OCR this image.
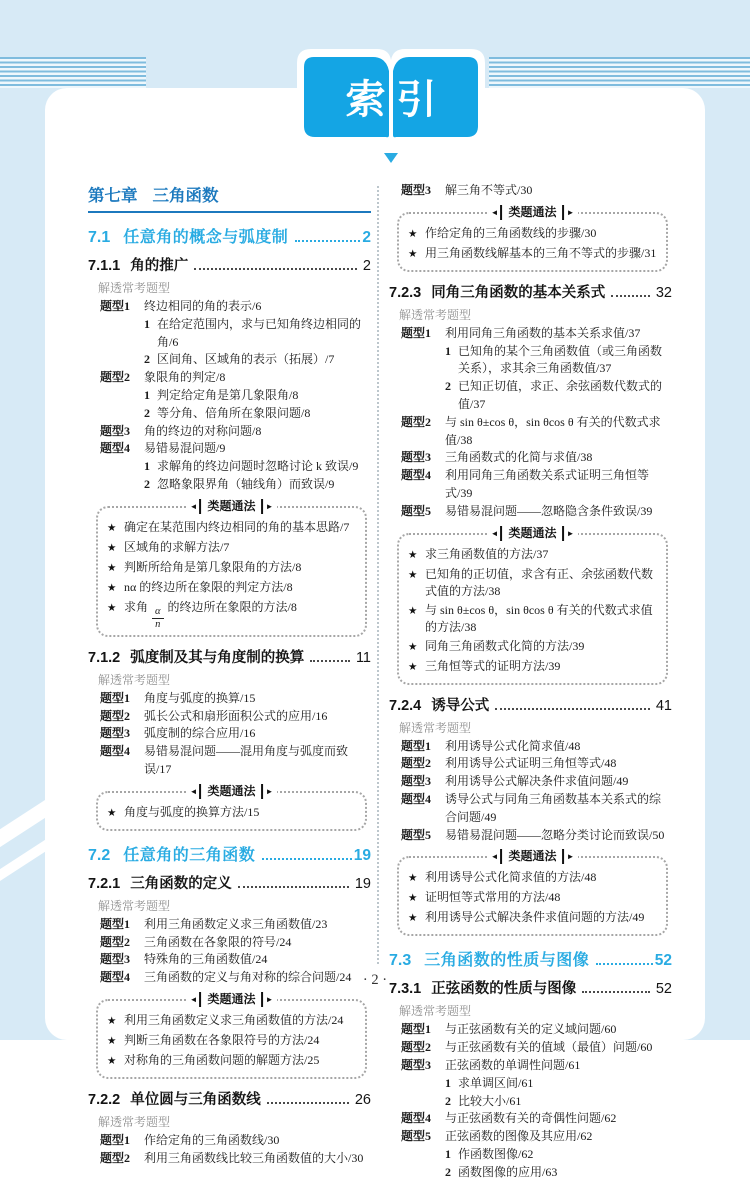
索 引
第七章 三角函数
7.1 任意角的概念与弧度制	2
7.1.1 角的推广	2
解透常考题型
题型1	终边相同的角的表示/6
1 在给定范围内，求与已知角终边相同的角/6
2 区间角、区域角的表示（拓展）/7
题型2	象限角的判定/8
1 判定给定角是第几象限角/8
2 等分角、倍角所在象限问题/8
题型3	角的终边的对称问题/8
题型4	易错易混问题/9
1 求解角的终边问题时忽略讨论 k 致误/9
2 忽略象限界角（轴线角）而致误/9
◄ 类题通法	►
★ 确定在某范围内终边相同的角的基本思路/7
★ 区域角的求解方法/7
★ 判断所给角是第几象限角的方法/8
★ nα 的终边所在象限的判定方法/8
★ 求角 $\frac{\alpha}{n}$ 的终边所在象限的方法/8
7.1.2 弧度制及其与角度制的换算	11
解透常考题型
题型1	角度与弧度的换算/15
题型2	弧长公式和扇形面积公式的应用/16
题型3	弧度制的综合应用/16
题型4	易错易混问题——混用角度与弧度而致误/17
◄ 类题通法	►
★ 角度与弧度的换算方法/15
7.2 任意角的三角函数	19
7.2.1 三角函数的定义	19
解透常考题型
题型1	利用三角函数定义求三角函数值/23
题型2	三角函数在各象限的符号/24
题型3	特殊角的三角函数值/24
题型4	三角函数的定义与角对称的综合问题/24
◄ 类题通法	►
★ 利用三角函数定义求三角函数值的方法/24
★ 判断三角函数在各象限符号的方法/24
★ 对称角的三角函数问题的解题方法/25
7.2.2 单位圆与三角函数线	26
解透常考题型
题型1	作给定角的三角函数线/30
题型2	利用三角函数线比较三角函数值的大小/30
题型3	解三角不等式/30
◄ 类题通法	►
★ 作给定角的三角函数线的步骤/30
★ 用三角函数线解基本的三角不等式的步骤/31
7.2.3 同角三角函数的基本关系式	32
解透常考题型
题型1	利用同角三角函数的基本关系求值/37
1 已知角的某个三角函数值（或三角函数关系），求其余三角函数值/37
2 已知正切值，求正、余弦函数代数式的值/37
题型2	与 sin θ±cos θ，sin θcos θ 有关的代数式求值/38
题型3	三角函数式的化简与求值/38
题型4	利用同角三角函数关系式证明三角恒等式/39
题型5	易错易混问题——忽略隐含条件致误/39
◄ 类题通法	►
★ 求三角函数值的方法/37
★ 已知角的正切值，求含有正、余弦函数代数式值的方法/38
★ 与 sin θ±cos θ，sin θcos θ 有关的代数式求值的方法/38
★ 同角三角函数式化简的方法/39
★ 三角恒等式的证明方法/39
7.2.4 诱导公式	41
解透常考题型
题型1	利用诱导公式化简求值/48
题型2	利用诱导公式证明三角恒等式/48
题型3	利用诱导公式解决条件求值问题/49
题型4	诱导公式与同角三角函数基本关系式的综合问题/49
题型5	易错易混问题——忽略分类讨论而致误/50
◄ 类题通法	►
★ 利用诱导公式化简求值的方法/48
★ 证明恒等式常用的方法/48
★ 利用诱导公式解决条件求值问题的方法/49
7.3 三角函数的性质与图像	52
7.3.1 正弦函数的性质与图像	52
解透常考题型
题型1	与正弦函数有关的定义域问题/60
题型2	与正弦函数有关的值域（最值）问题/60
题型3	正弦函数的单调性问题/61
1 求单调区间/61
2 比较大小/61
题型4	与正弦函数有关的奇偶性问题/62
题型5	正弦函数的图像及其应用/62
1 作函数图像/62
2 函数图像的应用/63
· 2 ·
